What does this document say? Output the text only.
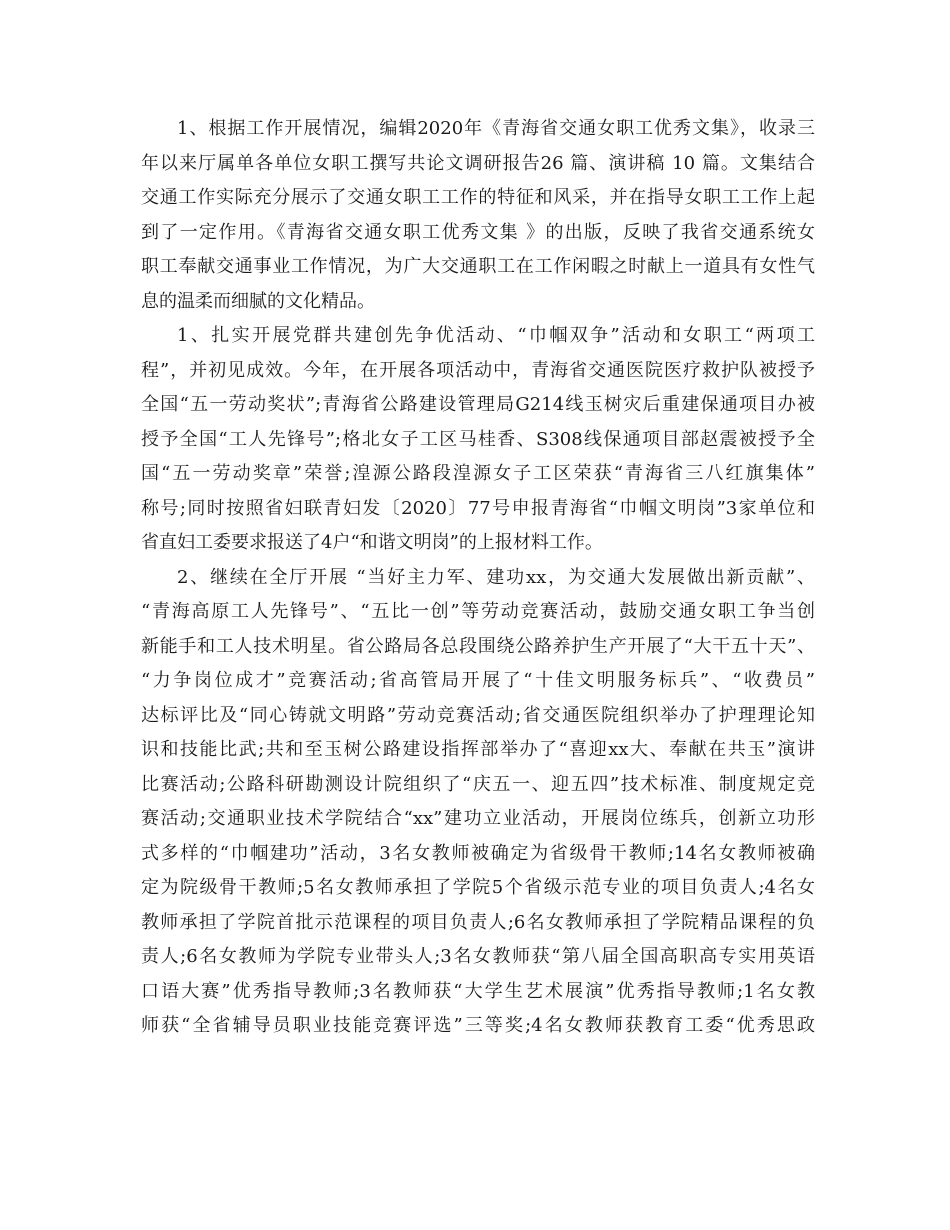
1、根据工作开展情况，编辑2020年《青海省交通女职工优秀文集》，收录三
年以来厅属单各单位女职工撰写共论文调研报告26 篇、演讲稿 10 篇。文集结合
交通工作实际充分展示了交通女职工工作的特征和风采，并在指导女职工工作上起
到了一定作用。《青海省交通女职工优秀文集 》的出版，反映了我省交通系统女
职工奉献交通事业工作情况，为广大交通职工在工作闲暇之时献上一道具有女性气
息的温柔而细腻的文化精品。
1、扎实开展党群共建创先争优活动、“巾帼双争”活动和女职工“两项工
程”，并初见成效。今年，在开展各项活动中，青海省交通医院医疗救护队被授予
全国“五一劳动奖状”;青海省公路建设管理局G214线玉树灾后重建保通项目办被
授予全国“工人先锋号”;格北女子工区马桂香、S308线保通项目部赵震被授予全
国“五一劳动奖章”荣誉;湟源公路段湟源女子工区荣获“青海省三八红旗集体”
称号;同时按照省妇联青妇发〔2020〕77号申报青海省“巾帼文明岗”3家单位和
省直妇工委要求报送了4户“和谐文明岗”的上报材料工作。
2、继续在全厅开展 “当好主力军、建功xx，为交通大发展做出新贡献”、
“青海高原工人先锋号”、“五比一创”等劳动竞赛活动，鼓励交通女职工争当创
新能手和工人技术明星。省公路局各总段围绕公路养护生产开展了“大干五十天”、
“力争岗位成才”竞赛活动;省高管局开展了“十佳文明服务标兵”、“收费员”
达标评比及“同心铸就文明路”劳动竞赛活动;省交通医院组织举办了护理理论知
识和技能比武;共和至玉树公路建设指挥部举办了“喜迎xx大、奉献在共玉”演讲
比赛活动;公路科研勘测设计院组织了“庆五一、迎五四”技术标准、制度规定竞
赛活动;交通职业技术学院结合“xx”建功立业活动，开展岗位练兵，创新立功形
式多样的“巾帼建功”活动，3名女教师被确定为省级骨干教师;14名女教师被确
定为院级骨干教师;5名女教师承担了学院5个省级示范专业的项目负责人;4名女
教师承担了学院首批示范课程的项目负责人;6名女教师承担了学院精品课程的负
责人;6名女教师为学院专业带头人;3名女教师获“第八届全国高职高专实用英语
口语大赛”优秀指导教师;3名教师获“大学生艺术展演”优秀指导教师;1名女教
师获“全省辅导员职业技能竞赛评选”三等奖;4名女教师获教育工委“优秀思政
